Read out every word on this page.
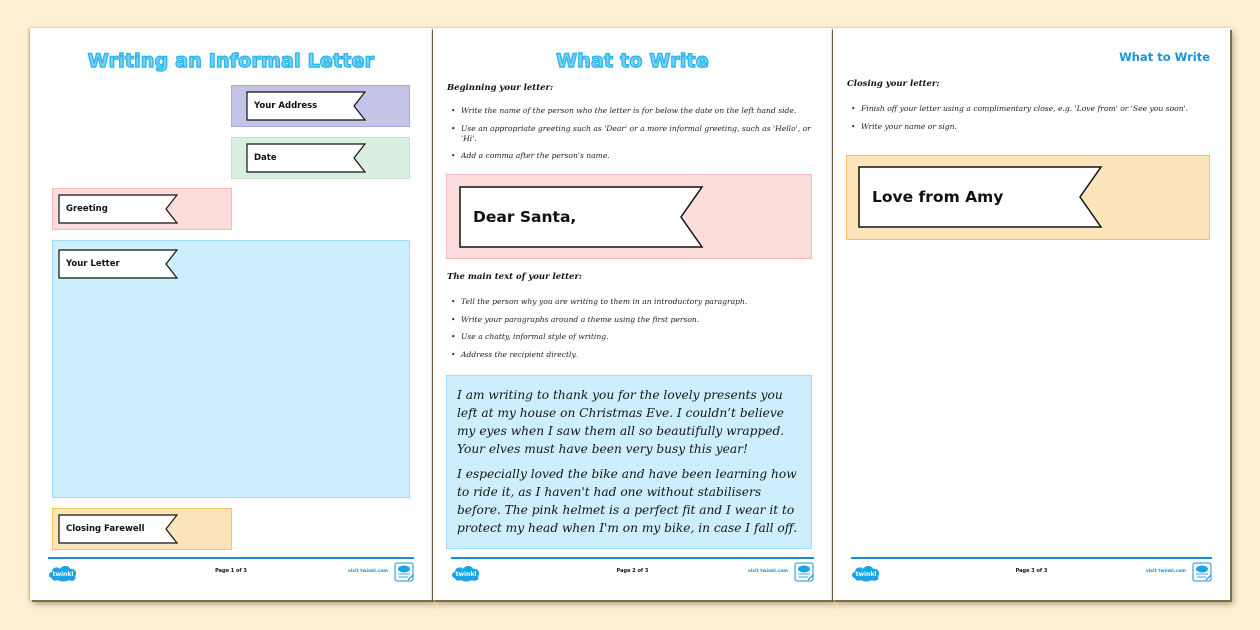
Writing an Informal Letter
Your Address
Date
Greeting
Your Letter
Closing Farewell
twinkl	Page 1 of 3	visit twinkl.com
What to Write
Beginning your letter:
• Write the name of the person who the letter is for below the date on the left hand side.
• Use an appropriate greeting such as 'Dear' or a more informal greeting, such as 'Hello', or 'Hi'.
• Add a comma after the person's name.
Dear Santa,
The main text of your letter:
• Tell the person why you are writing to them in an introductory paragraph.
• Write your paragraphs around a theme using the first person.
• Use a chatty, informal style of writing.
• Address the recipient directly.

I am writing to thank you for the lovely presents you left at my house on Christmas Eve. I couldn’t believe my eyes when I saw them all so beautifully wrapped. Your elves must have been very busy this year!

I especially loved the bike and have been learning how to ride it, as I haven't had one without stabilisers before. The pink helmet is a perfect fit and I wear it to protect my head when I'm on my bike, in case I fall off.

twinkl	Page 2 of 3	visit twinkl.com
What to Write
Closing your letter:
• Finish off your letter using a complimentary close, e.g. 'Love from' or 'See you soon'.
• Write your name or sign.
Love from Amy
twinkl	Page 3 of 3	visit twinkl.com
